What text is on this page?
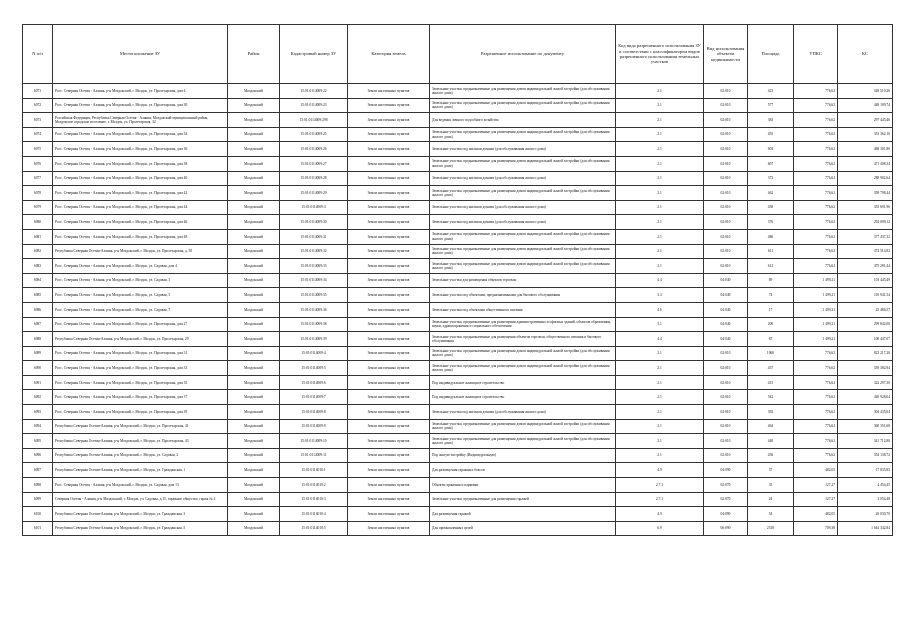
N п/п	Местоположение ЗУ	Район	Кадастровый номер ЗУ	Категория земель	Разрешенное использование по документу	Код вида разрешенного использования ЗУ в соответствии с классификатором видов разрешенного использования земельных участков	Вид использования объектов недвижимости	Площадь	УПКС	КС
6071	Росс. Северная Осетия - Алания, р-н Моздокский, г. Моздок, ул. Пролетарская, дом 4	Моздокский	15:01:0114009:22	Земли населенных пунктов	Земельные участки, предназначенные для размещения домов индивидуальной жилой застройки (для обслуживания жилого дома)	2.1	02:010	423	776,62	328 510,26
6072	Росс. Северная Осетия - Алания, р-н Моздокский, г. Моздок, ул. Пролетарская, дом 30	Моздокский	15:01:0114009:23	Земли населенных пунктов	Земельные участки, предназначенные для размещения домов индивидуальной жилой застройки (для обслуживания жилого дома)	2.1	02:010	577	776,62	448 109,74
6073	Российская Федерация, Республика Северная Осетия - Алания, Моздокский муниципальный район, Моздокское городское поселение, г. Моздок, ул. Пролетарская, 32	Моздокский	15:01:0114009:298	Земли населенных пунктов	Для ведения личного подсобного хозяйства	2.1	02:010	383	776,62	297 445,46
6074	Росс. Северная Осетия - Алания, р-н Моздокский, г. Моздок, ул. Пролетарская, дом 34	Моздокский	15:01:0114009:25	Земли населенных пунктов	Земельные участки, предназначенные для размещения домов индивидуальной жилой застройки (для обслуживания жилого дома)	2.1	02:010	455	776,62	353 362,10
6075	Росс. Северная Осетия - Алания, р-н Моздокский, г. Моздок, ул. Пролетарская, дом 36	Моздокский	15:01:0114009:26	Земли населенных пунктов	Земельные участки под жилыми домами (для обслуживания жилого дома)	2.1	02:010	603	776,62	468 301,86
6076	Росс. Северная Осетия - Алания, р-н Моздокский, г. Моздок, ул. Пролетарская, дом 38	Моздокский	15:01:0114009:27	Земли населенных пунктов	Земельные участки, предназначенные для размещения домов индивидуальной жилой застройки (для обслуживания жилого дома)	2.1	02:010	607	776,62	471 408,34
6077	Росс. Северная Осетия - Алания, р-н Моздокский, г. Моздок, ул. Пролетарская, дом 40	Моздокский	15:01:0114009:28	Земли населенных пунктов	Земельные участки под жилыми домами (для обслуживания жилого дома)	2.1	02:010	372	776,62	288 902,64
6078	Росс. Северная Осетия - Алания, р-н Моздокский, г. Моздок, ул. Пролетарская, дом 42	Моздокский	15:01:0114009:29	Земли населенных пунктов	Земельные участки, предназначенные для размещения домов индивидуальной жилой застройки (для обслуживания жилого дома)	2.1	02:010	462	776,62	358 798,44
6079	Росс. Северная Осетия - Алания, р-н Моздокский, г. Моздок, ул. Пролетарская, дом 44	Моздокский	15:01:0114009:3	Земли населенных пунктов	Земельные участки под жилыми домами (для обслуживания жилого дома)	2.1	02:010	458	776,62	355 691,96
6080	Росс. Северная Осетия - Алания, р-н Моздокский, г. Моздок, ул. Пролетарская, дом 46	Моздокский	15:01:0114009:30	Земли населенных пунктов	Земельные участки под жилыми домами (для обслуживания жилого дома)	2.1	02:010	376	776,62	292 009,12
6081	Росс. Северная Осетия - Алания, р-н Моздокский, г. Моздок, ул. Пролетарская, дом 48	Моздокский	15:01:0114009:31	Земли населенных пунктов	Земельные участки, предназначенные для размещения домов индивидуальной жилой застройки (для обслуживания жилого дома)	2.1	02:010	486	776,62	377 437,32
6082	Республика Северная Осетия-Алания, р-н Моздокский, г. Моздок, ул. Пролетарская, д. 50	Моздокский	15:01:0114009:32	Земли населенных пунктов	Земельные участки, предназначенные для размещения домов индивидуальной жилой застройки (для обслуживания жилого дома)	2.1	02:010	611	776,62	474 514,82
6083	Росс. Северная Осетия - Алания, р-н Моздокский, г. Моздок, ул. Садовая, дом 4	Моздокский	15:01:0114009:33	Земли населенных пунктов	Земельные участки, предназначенные для размещения домов индивидуальной жилой застройки (для обслуживания жилого дома)	2.1	02:010	612	776,62	475 291,44
6084	Росс. Северная Осетия - Алания, р-н Моздокский, г. Моздок, ул. Садовая, 3	Моздокский	15:01:0114009:34	Земли населенных пунктов	Земельные участки для размещения объектов торговли	4.4	04:040	69	1 499,21	103 445,49
6085	Росс. Северная Осетия - Алания, р-н Моздокский, г. Моздок, ул. Садовая, 5	Моздокский	15:01:0114009:35	Земли населенных пунктов	Земельные участки под объектами, предназначенными для бытового обслуживания	3.3	04:040	74	1 499,21	110 941,54
6086	Росс. Северная Осетия - Алания, р-н Моздокский, г. Моздок, ул. Садовая, 7	Моздокский	15:01:0114009:36	Земли населенных пунктов	Земельные участки под объектами общественного питания	4.6	04:040	17	1 499,21	25 486,57
6087	Росс. Северная Осетия - Алания, р-н Моздокский, г. Моздок, ул. Пролетарская, дом 27	Моздокский	15:01:0114009:38	Земли населенных пунктов	Земельные участки, предназначенные для размещения административных и офисных зданий, объектов образования, науки, здравоохранения и социального обеспечения	3.1	04:040	200	1 499,21	299 842,00
6088	Республика Северная Осетия-Алания, р-н Моздокский, г. Моздок, ул. Пролетарская, 29	Моздокский	15:01:0114009:39	Земли населенных пунктов	Земельные участки, предназначенные для размещения объектов торговли, общественного питания и бытового обслуживания	4.4	04:040	67	1 499,21	100 447,07
6089	Росс. Северная Осетия - Алания, р-н Моздокский, г. Моздок, ул. Пролетарская, дом 31	Моздокский	15:01:0114009:4	Земли населенных пунктов	Земельные участки, предназначенные для размещения домов индивидуальной жилой застройки (для обслуживания жилого дома)	2.1	02:010	1060	776,62	823 217,20
6090	Росс. Северная Осетия - Алания, р-н Моздокский, г. Моздок, ул. Пролетарская, дом 33	Моздокский	15:01:0114009:5	Земли населенных пунктов	Земельные участки, предназначенные для размещения домов индивидуальной жилой застройки (для обслуживания жилого дома)	2.1	02:010	437	776,62	339 382,94
6091	Росс. Северная Осетия - Алания, р-н Моздокский, г. Моздок, ул. Пролетарская, дом 35	Моздокский	15:01:0114009:6	Земли населенных пунктов	Под индивидуальное жилищное строительство	2.1	02:010	415	776,62	322 297,30
6092	Росс. Северная Осетия - Алания, р-н Моздокский, г. Моздок, ул. Пролетарская, дом 37	Моздокский	15:01:0114009:7	Земли населенных пунктов	Под индивидуальное жилищное строительство	2.1	02:010	542	776,62	420 928,04
6093	Росс. Северная Осетия - Алания, р-н Моздокский, г. Моздок, ул. Пролетарская, дом 39	Моздокский	15:01:0114009:8	Земли населенных пунктов	Земельные участки под жилыми домами (для обслуживания жилого дома)	2.1	02:010	392	776,62	304 435,04
6094	Республика Северная Осетия-Алания, р-н Моздокский, г. Моздок, ул. Пролетарская, 41	Моздокский	15:01:0114009:9	Земли населенных пунктов	Земельные участки, предназначенные для размещения домов индивидуальной жилой застройки (для обслуживания жилого дома)	2.1	02:010	464	776,62	360 351,68
6095	Республика Северная Осетия-Алания, р-н Моздокский, г. Моздок, ул. Пролетарская, 43	Моздокский	15:01:0114009:10	Земли населенных пунктов	Земельные участки, предназначенные для размещения домов индивидуальной жилой застройки (для обслуживания жилого дома)	2.1	02:010	440	776,62	341 712,80
6096	Республика Северная Осетия-Алания, р-н Моздокский, г. Моздок, ул. Садовая, 2	Моздокский	15:01:0114009:11	Земли населенных пунктов	Под жилую застройку (Индивидуальную)	2.1	02:010	456	776,62	354 138,72
6097	Республика Северная Осетия-Алания, р-н Моздокский, г. Моздок, ул. Гражданская, 1	Моздокский	15:01:0114010:1	Земли населенных пунктов	Для размещения гаражных боксов	4.9	04:090	37	482,05	17 835,85
6098	Росс. Северная Осетия - Алания, р-н Моздокский, г. Моздок, ул. Садовая, дом 13	Моздокский	15:01:0114010:2	Земли населенных пунктов	Объекты хранения и парковки	2.7.1	02:070	35	127,27	4 454,45
6099	Северная Осетия - Алания, р-н Моздокский, г. Моздок, ул. Садовая, д.15, гаражное общество, гараж № 4	Моздокский	15:01:0114010:3	Земли населенных пунктов	Земельные участки, предназначенные для размещения гаражей	2.7.1	02:070	24	127,27	3 054,48
6100	Республика Северная Осетия-Алания, р-н Моздокский, г. Моздок, ул. Гражданская, 3	Моздокский	15:01:0114010:4	Земли населенных пунктов	Для размещения гаражей	4.9	04:090	54	482,05	26 030,70
6101	Республика Северная Осетия-Алания, р-н Моздокский, г. Моздок, ул. Гражданская, 5	Моздокский	15:01:0114010:5	Земли населенных пунктов	Для промышленных целей	6.9	06:090	2318	709,38	1 644 342,84
